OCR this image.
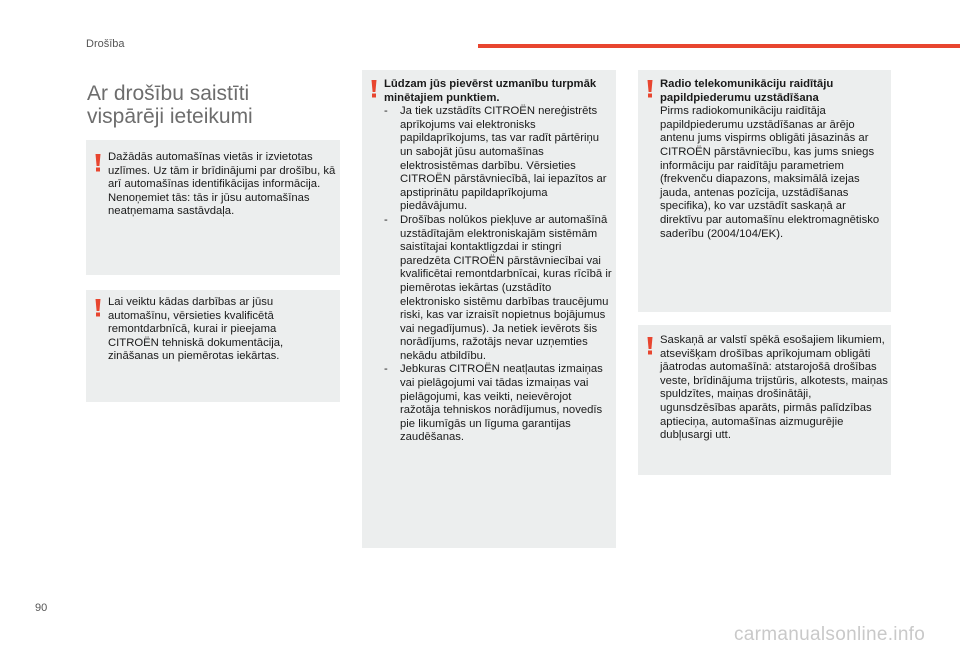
Drošība
Ar drošību saistīti
vispārēji ieteikumi

Dažādās automašīnas vietās ir izvietotas uzlīmes. Uz tām ir brīdinājumi par drošību, kā arī automašīnas identifikācijas informācija. Nenoņemiet tās: tās ir jūsu automašīnas neatņemama sastāvdaļa.

Lai veiktu kādas darbības ar jūsu automašīnu, vērsieties kvalificētā remontdarbnīcā, kurai ir pieejama CITROËN tehniskā dokumentācija, zināšanas un piemērotas iekārtas.

Lūdzam jūs pievērst uzmanību turpmāk minētajiem punktiem.

-	Ja tiek uzstādīts CITROËN nereģistrēts aprīkojums vai elektronisks papildaprīkojums, tas var radīt pārtēriņu un sabojāt jūsu automašīnas elektrosistēmas darbību. Vērsieties CITROËN pārstāvniecībā, lai iepazītos ar apstiprinātu papildaprīkojuma piedāvājumu.
-	Drošības nolūkos piekļuve ar automašīnā uzstādītajām elektroniskajām sistēmām saistītajai kontaktligzdai ir stingri paredzēta CITROËN pārstāvniecībai vai kvalificētai remontdarbnīcai, kuras rīcībā ir piemērotas iekārtas (uzstādīto elektronisko sistēmu darbības traucējumu riski, kas var izraisīt nopietnus bojājumus vai negadījumus). Ja netiek ievērots šis norādījums, ražotājs nevar uzņemties nekādu atbildību.
-	Jebkuras CITROËN neatļautas izmaiņas vai pielāgojumi vai tādas izmaiņas vai pielāgojumi, kas veikti, neievērojot ražotāja tehniskos norādījumus, novedīs pie likumīgās un līguma garantijas zaudēšanas.

Radio telekomunikāciju raidītāju papildpiederumu uzstādīšana

Pirms radiokomunikāciju raidītāja papildpiederumu uzstādīšanas ar ārējo antenu jums vispirms obligāti jāsazinās ar CITROËN pārstāvniecību, kas jums sniegs informāciju par raidītāju parametriem (frekvenču diapazons, maksimālā izejas jauda, antenas pozīcija, uzstādīšanas specifika), ko var uzstādīt saskaņā ar direktīvu par automašīnu elektromagnētisko saderību (2004/104/EK).

Saskaņā ar valstī spēkā esošajiem likumiem, atsevišķam drošības aprīkojumam obligāti jāatrodas automašīnā: atstarojošā drošības veste, brīdinājuma trijstūris, alkotests, maiņas spuldzītes, maiņas drošinātāji, ugunsdzēsības aparāts, pirmās palīdzības aptieciņa, automašīnas aizmugurējie dubļusargi utt.

90
carmanualsonline.info
